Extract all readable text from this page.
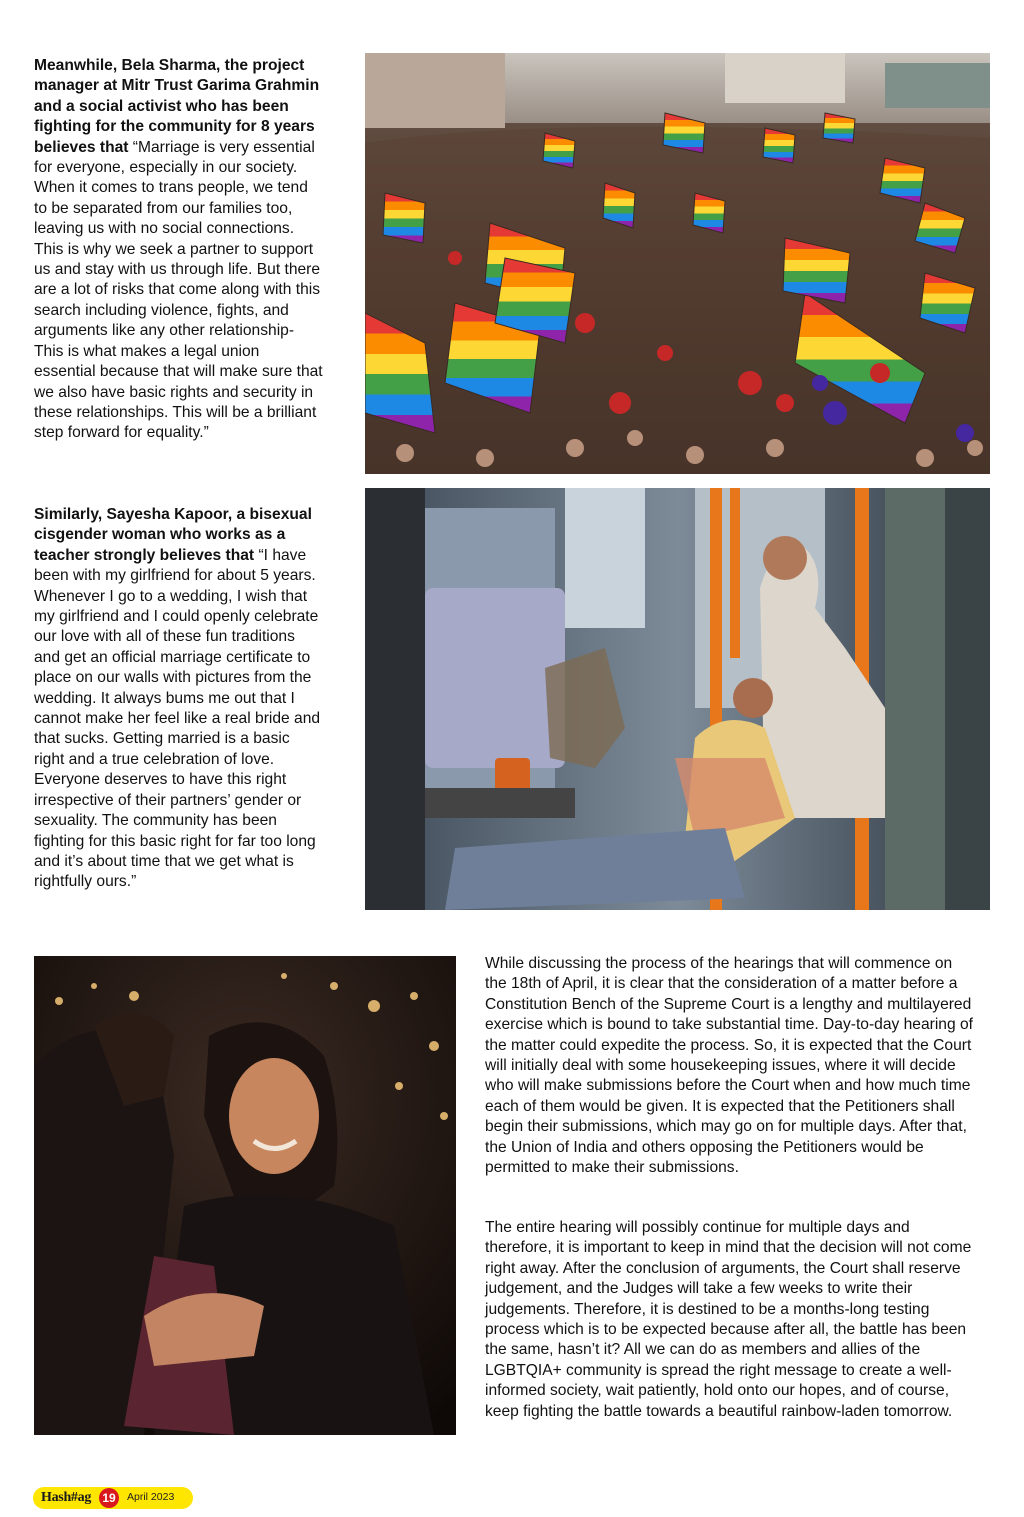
Meanwhile, Bela Sharma, the project manager at Mitr Trust Garima Grahmin and a social activist who has been fighting for the community for 8 years believes that “Marriage is very essential for everyone, especially in our society. When it comes to trans people, we tend to be separated from our families too, leaving us with no social connections. This is why we seek a partner to support us and stay with us through life. But there are a lot of risks that come along with this search including violence, fights, and arguments like any other relationship- This is what makes a legal union essential because that will make sure that we also have basic rights and security in these relationships. This will be a brilliant step forward for equality.”

Similarly, Sayesha Kapoor, a bisexual cisgender woman who works as a teacher strongly believes that “I have been with my girlfriend for about 5 years. Whenever I go to a wedding, I wish that my girlfriend and I could openly celebrate our love with all of these fun traditions and get an official marriage certificate to place on our walls with pictures from the wedding. It always bums me out that I cannot make her feel like a real bride and that sucks. Getting married is a basic right and a true celebration of love. Everyone deserves to have this right irrespective of their partners’ gender or sexuality. The community has been fighting for this basic right for far too long and it’s about time that we get what is rightfully ours.”

While discussing the process of the hearings that will commence on the 18th of April, it is clear that the consideration of a matter before a Constitution Bench of the Supreme Court is a lengthy and multilayered exercise which is bound to take substantial time. Day-to-day hearing of the matter could expedite the process. So, it is expected that the Court will initially deal with some housekeeping issues, where it will decide who will make submissions before the Court when and how much time each of them would be given. It is expected that the Petitioners shall begin their submissions, which may go on for multiple days. After that, the Union of India and others opposing the Petitioners would be permitted to make their submissions.

The entire hearing will possibly continue for multiple days and therefore, it is important to keep in mind that the decision will not come right away. After the conclusion of arguments, the Court shall reserve judgement, and the Judges will take a few weeks to write their judgements. Therefore, it is destined to be a months-long testing process which is to be expected because after all, the battle has been the same, hasn’t it? All we can do as members and allies of the LGBTQIA+ community is spread the right message to create a well-informed society, wait patiently, hold onto our hopes, and of course, keep fighting the battle towards a beautiful rainbow-laden tomorrow.

Hash#ag 19	April 2023
